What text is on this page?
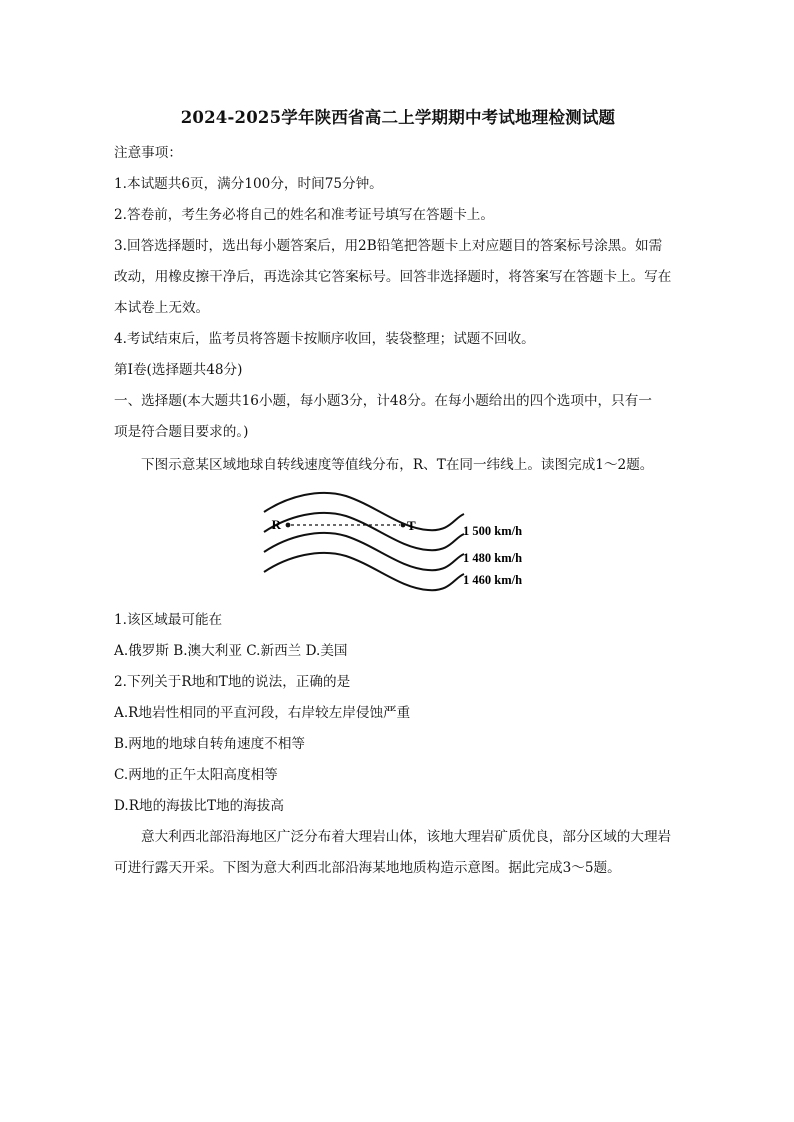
2024-2025学年陕西省高二上学期期中考试地理检测试题
注意事项：
1.本试题共6页，满分100分，时间75分钟。
2.答卷前，考生务必将自己的姓名和准考证号填写在答题卡上。
3.回答选择题时，选出每小题答案后，用2B铅笔把答题卡上对应题目的答案标号涂黑。如需
改动，用橡皮擦干净后，再选涂其它答案标号。回答非选择题时，将答案写在答题卡上。写在
本试卷上无效。
4.考试结束后，监考员将答题卡按顺序收回，装袋整理；试题不回收。
第Ⅰ卷(选择题共48分)
一、选择题(本大题共16小题，每小题3分，计48分。在每小题给出的四个选项中，只有一
项是符合题目要求的。)
下图示意某区域地球自转线速度等值线分布，R、T在同一纬线上。读图完成1～2题。
R	T	1 500 km/h
1 480 km/h
1 460 km/h
1.该区域最可能在
A.俄罗斯 B.澳大利亚 C.新西兰 D.美国
2.下列关于R地和T地的说法，正确的是
A.R地岩性相同的平直河段，右岸较左岸侵蚀严重
B.两地的地球自转角速度不相等
C.两地的正午太阳高度相等
D.R地的海拔比T地的海拔高
意大利西北部沿海地区广泛分布着大理岩山体，该地大理岩矿质优良，部分区域的大理岩
可进行露天开采。下图为意大利西北部沿海某地地质构造示意图。据此完成3～5题。
